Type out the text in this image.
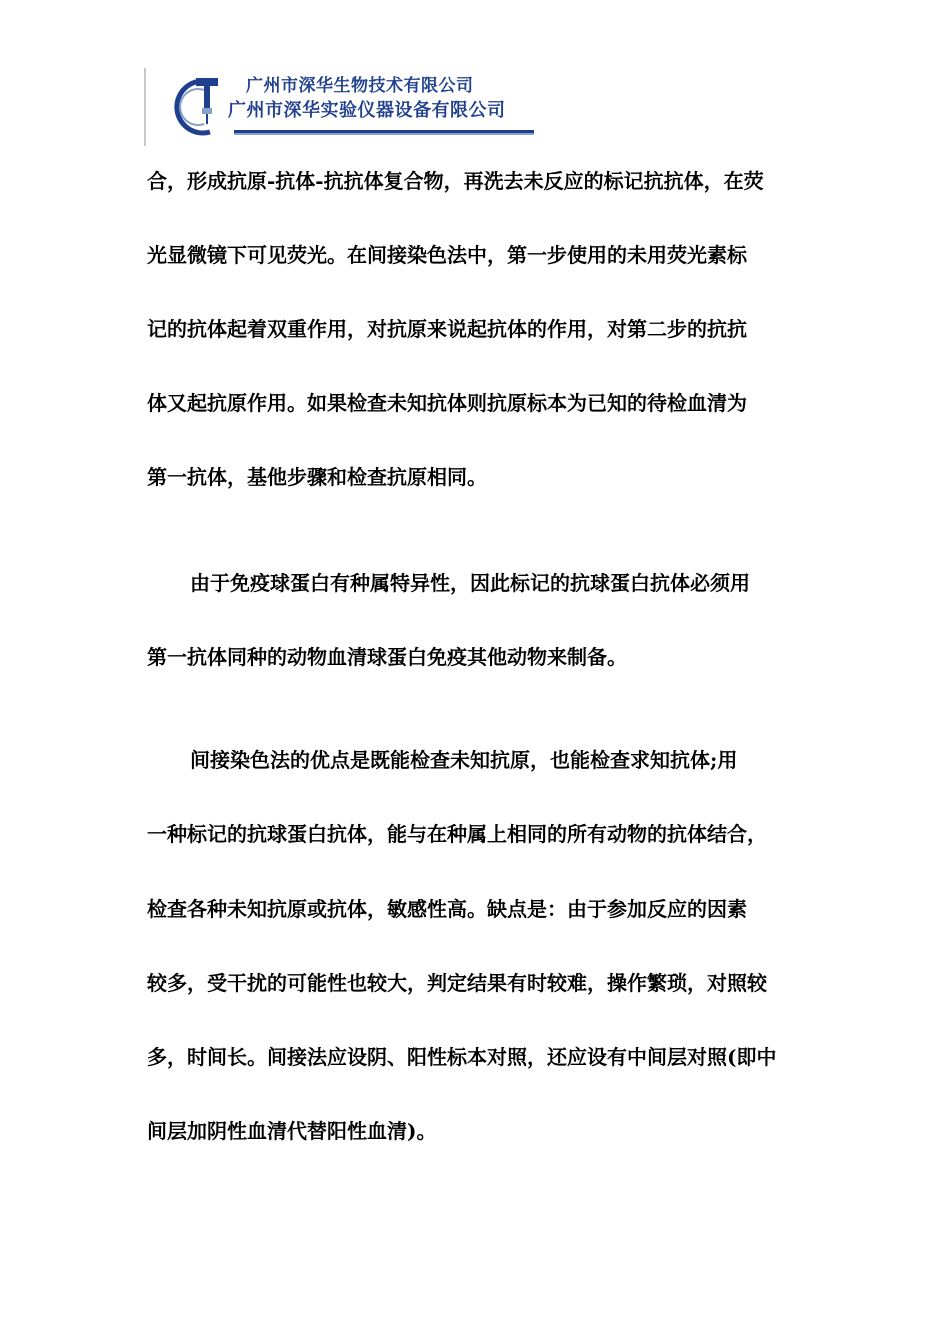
广州市深华生物技术有限公司
广州市深华实验仪器设备有限公司
合，形成抗原-抗体-抗抗体复合物，再洗去未反应的标记抗抗体，在荧
光显微镜下可见荧光。在间接染色法中，第一步使用的未用荧光素标
记的抗体起着双重作用，对抗原来说起抗体的作用，对第二步的抗抗
体又起抗原作用。如果检查未知抗体则抗原标本为已知的待检血清为
第一抗体，基他步骤和检查抗原相同。
由于免疫球蛋白有种属特异性，因此标记的抗球蛋白抗体必须用
第一抗体同种的动物血清球蛋白免疫其他动物来制备。
间接染色法的优点是既能检查未知抗原，也能检查求知抗体;用
一种标记的抗球蛋白抗体，能与在种属上相同的所有动物的抗体结合，
检查各种未知抗原或抗体，敏感性高。缺点是：由于参加反应的因素
较多，受干扰的可能性也较大，判定结果有时较难，操作繁琐，对照较
多，时间长。间接法应设阴、阳性标本对照，还应设有中间层对照(即中
间层加阴性血清代替阳性血清)。
